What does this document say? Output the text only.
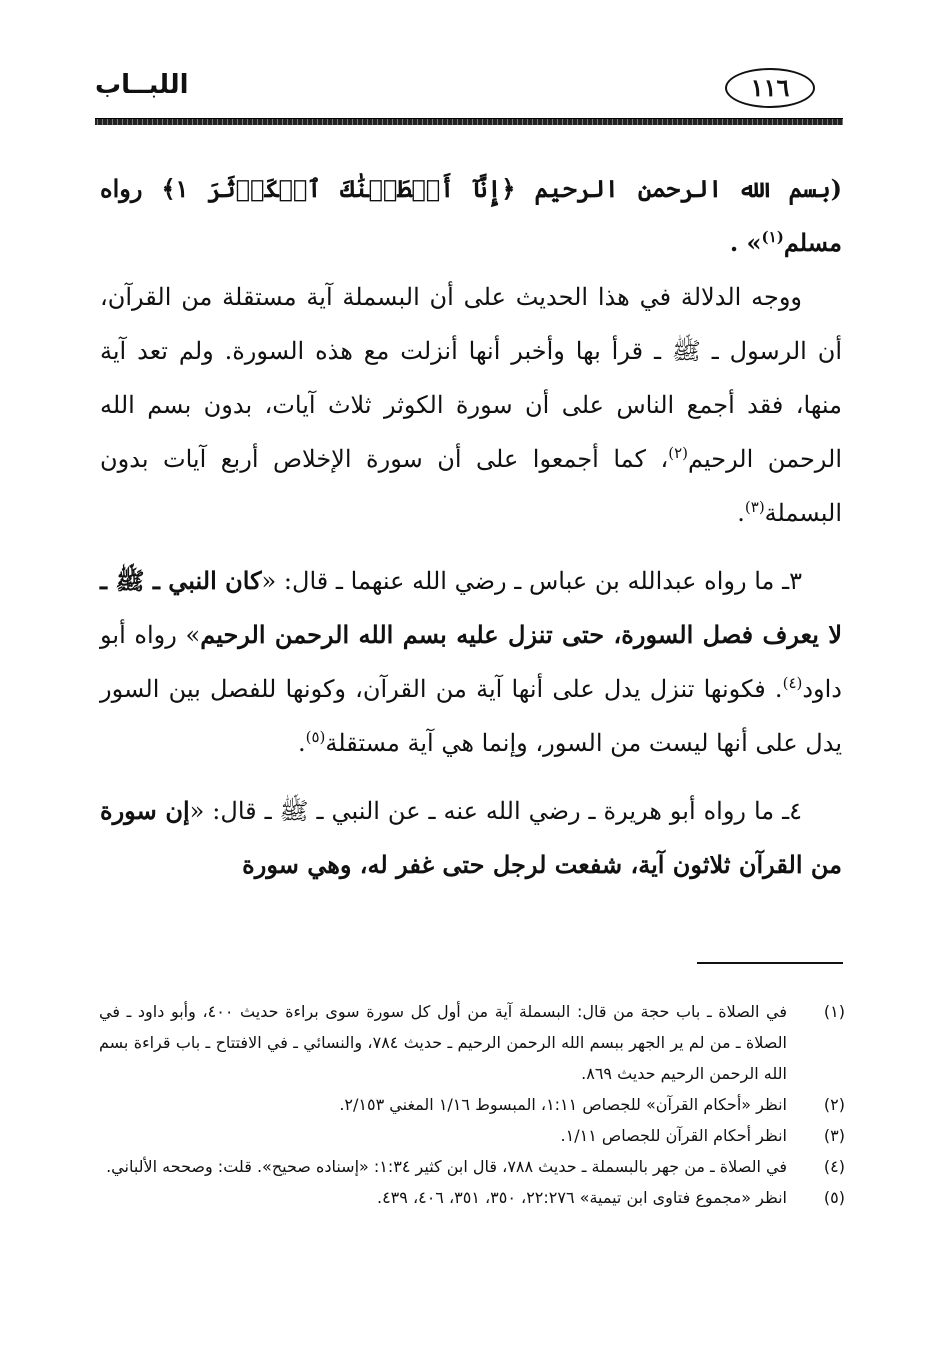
١١٦
اللبــاب

(بسم الله الرحمن الرحيم ﴿إِنَّآ أَعۡطَيۡنَٰكَ ٱلۡكَوۡثَرَ ١﴾ رواه مسلم$^{(١)}$» .

ووجه الدلالة في هذا الحديث على أن البسملة آية مستقلة من القرآن، أن الرسول ـ ﷺ ـ قرأ بها وأخبر أنها أنزلت مع هذه السورة. ولم تعد آية منها، فقد أجمع الناس على أن سورة الكوثر ثلاث آيات، بدون بسم الله الرحمن الرحيم$^{(٢)}$، كما أجمعوا على أن سورة الإخلاص أربع آيات بدون البسملة$^{(٣)}$.

٣ـ ما رواه عبدالله بن عباس ـ رضي الله عنهما ـ قال: «كان النبي ـ ﷺ ـ لا يعرف فصل السورة، حتى تنزل عليه بسم الله الرحمن الرحيم» رواه أبو داود$^{(٤)}$. فكونها تنزل يدل على أنها آية من القرآن، وكونها للفصل بين السور يدل على أنها ليست من السور، وإنما هي آية مستقلة$^{(٥)}$.

٤ـ ما رواه أبو هريرة ـ رضي الله عنه ـ عن النبي ـ ﷺ ـ قال: «إن سورة من القرآن ثلاثون آية، شفعت لرجل حتى غفر له، وهي سورة

(١)
في الصلاة ـ باب حجة من قال: البسملة آية من أول كل سورة سوى براءة حديث ٤٠٠، وأبو داود ـ في الصلاة ـ من لم ير الجهر ببسم الله الرحمن الرحيم ـ حديث ٧٨٤، والنسائي ـ في الافتتاح ـ باب قراءة بسم الله الرحمن الرحيم حديث ٨٦٩.
(٢)
انظر «أحكام القرآن» للجصاص ١:١١، المبسوط ١/١٦ المغني ٢/١٥٣.
(٣)
انظر أحكام القرآن للجصاص ١/١١.
(٤)
في الصلاة ـ من جهر بالبسملة ـ حديث ٧٨٨، قال ابن كثير ١:٣٤: «إسناده صحيح». قلت: وصححه الألباني.
(٥)
انظر «مجموع فتاوى ابن تيمية» ٢٢:٢٧٦، ٣٥٠، ٣٥١، ٤٠٦، ٤٣٩.
